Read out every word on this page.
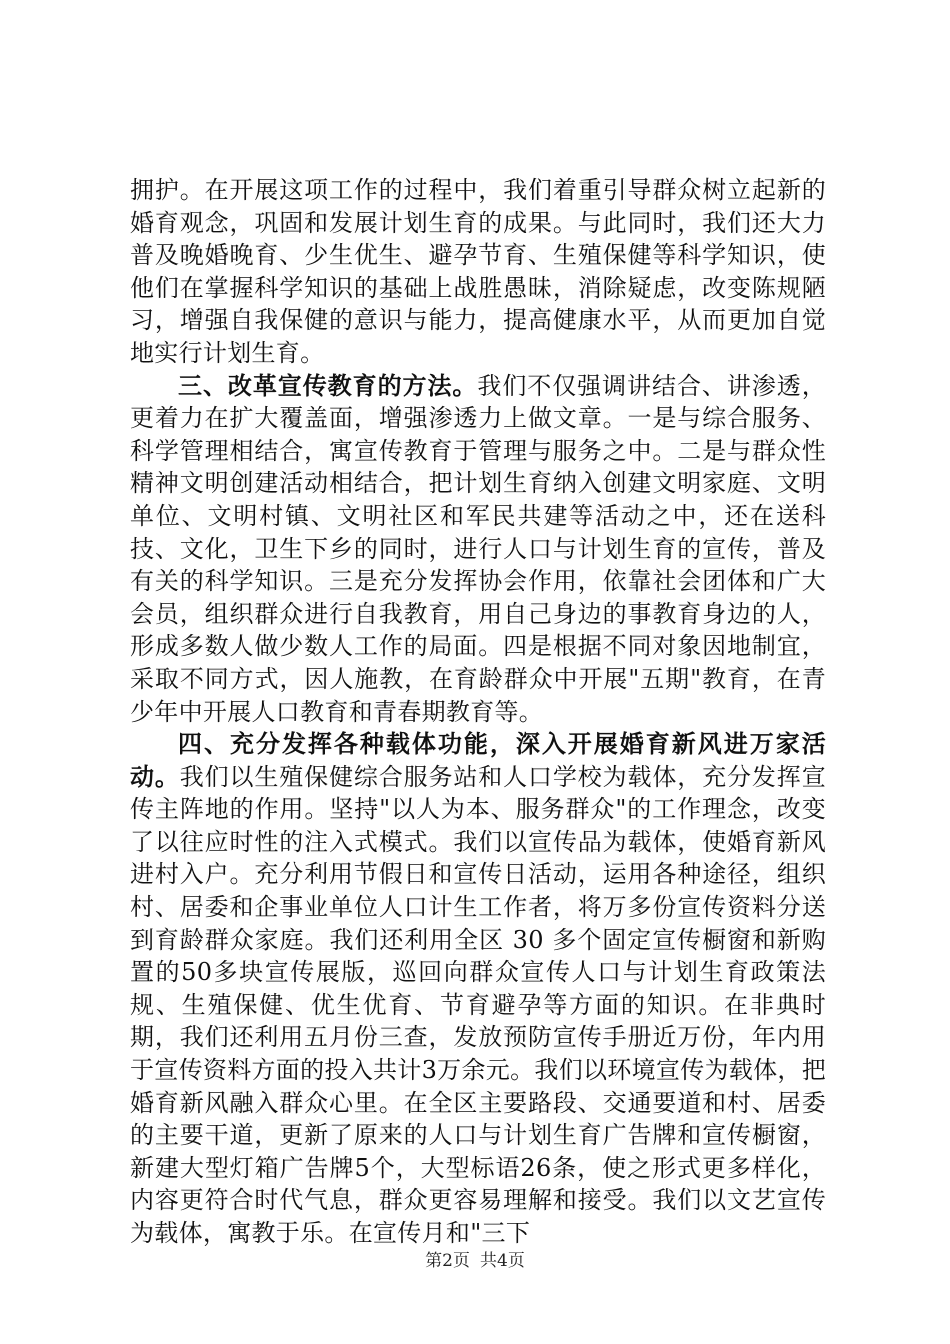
拥护。在开展这项工作的过程中，我们着重引导群众树立起新的婚育观念，巩固和发展计划生育的成果。与此同时，我们还大力普及晚婚晚育、少生优生、避孕节育、生殖保健等科学知识，使他们在掌握科学知识的基础上战胜愚昧，消除疑虑，改变陈规陋习，增强自我保健的意识与能力，提高健康水平，从而更加自觉地实行计划生育。

三、改革宣传教育的方法。我们不仅强调讲结合、讲渗透，更着力在扩大覆盖面，增强渗透力上做文章。一是与综合服务、科学管理相结合，寓宣传教育于管理与服务之中。二是与群众性精神文明创建活动相结合，把计划生育纳入创建文明家庭、文明单位、文明村镇、文明社区和军民共建等活动之中，还在送科技、文化，卫生下乡的同时，进行人口与计划生育的宣传，普及有关的科学知识。三是充分发挥协会作用，依靠社会团体和广大会员，组织群众进行自我教育，用自己身边的事教育身边的人，形成多数人做少数人工作的局面。四是根据不同对象因地制宜，采取不同方式，因人施教，在育龄群众中开展"五期"教育，在青少年中开展人口教育和青春期教育等。

四、充分发挥各种载体功能，深入开展婚育新风进万家活动。我们以生殖保健综合服务站和人口学校为载体，充分发挥宣传主阵地的作用。坚持"以人为本、服务群众"的工作理念，改变了以往应时性的注入式模式。我们以宣传品为载体，使婚育新风进村入户。充分利用节假日和宣传日活动，运用各种途径，组织村、居委和企事业单位人口计生工作者，将万多份宣传资料分送到育龄群众家庭。我们还利用全区 30 多个固定宣传橱窗和新购置的50多块宣传展版，巡回向群众宣传人口与计划生育政策法规、生殖保健、优生优育、节育避孕等方面的知识。在非典时期，我们还利用五月份三查，发放预防宣传手册近万份，年内用于宣传资料方面的投入共计3万余元。我们以环境宣传为载体，把婚育新风融入群众心里。在全区主要路段、交通要道和村、居委的主要干道，更新了原来的人口与计划生育广告牌和宣传橱窗，新建大型灯箱广告牌5个，大型标语26条，使之形式更多样化，内容更符合时代气息，群众更容易理解和接受。我们以文艺宣传为载体，寓教于乐。在宣传月和"三下

第2页 共4页
